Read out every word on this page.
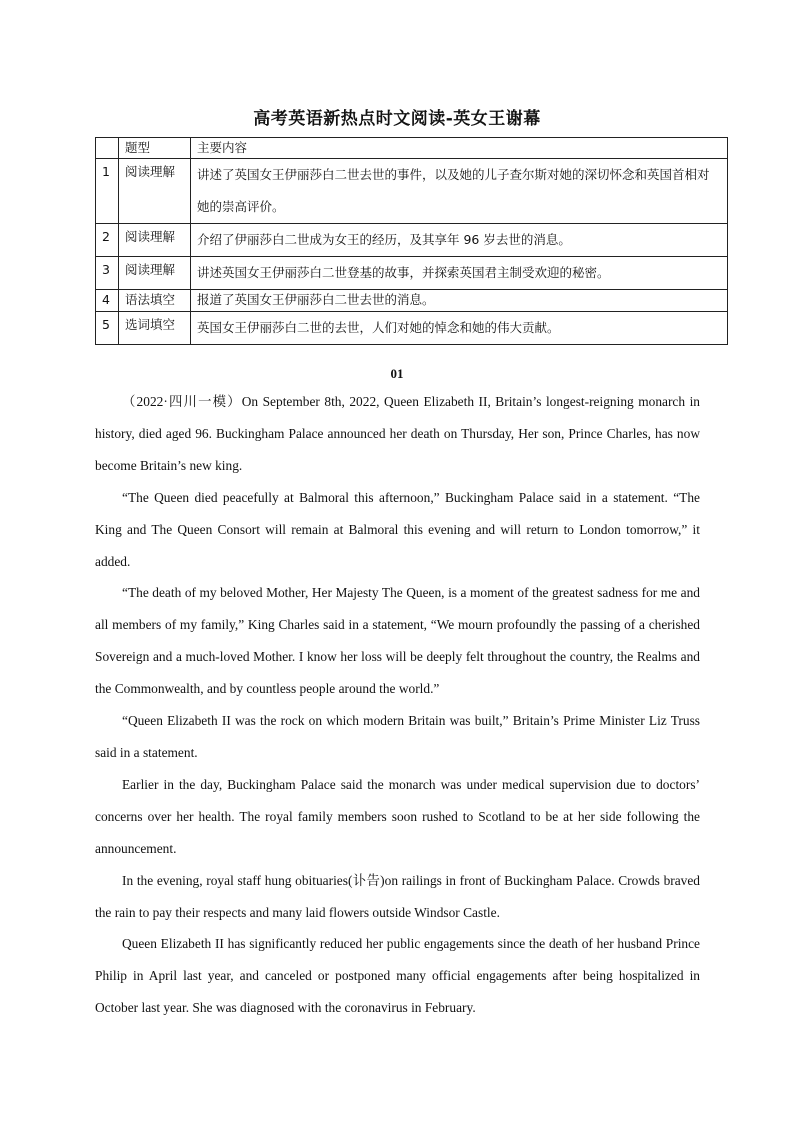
高考英语新热点时文阅读-英女王谢幕
	题型	主要内容
1	阅读理解	讲述了英国女王伊丽莎白二世去世的事件，以及她的儿子查尔斯对她的深切怀念和英国首相对她的崇高评价。
2	阅读理解	介绍了伊丽莎白二世成为女王的经历，及其享年 96 岁去世的消息。
3	阅读理解	讲述英国女王伊丽莎白二世登基的故事，并探索英国君主制受欢迎的秘密。
4	语法填空	报道了英国女王伊丽莎白二世去世的消息。
5	选词填空	英国女王伊丽莎白二世的去世，人们对她的悼念和她的伟大贡献。
01

（2022·四川一模）On September 8th, 2022, Queen Elizabeth II, Britain’s longest-reigning monarch in history, died aged 96. Buckingham Palace announced her death on Thursday, Her son, Prince Charles, has now become Britain’s new king.

“The Queen died peacefully at Balmoral this afternoon,” Buckingham Palace said in a statement. “The King and The Queen Consort will remain at Balmoral this evening and will return to London tomorrow,” it added.

“The death of my beloved Mother, Her Majesty The Queen, is a moment of the greatest sadness for me and all members of my family,” King Charles said in a statement, “We mourn profoundly the passing of a cherished Sovereign and a much-loved Mother. I know her loss will be deeply felt throughout the country, the Realms and the Commonwealth, and by countless people around the world.”

“Queen Elizabeth II was the rock on which modern Britain was built,” Britain’s Prime Minister Liz Truss said in a statement.

Earlier in the day, Buckingham Palace said the monarch was under medical supervision due to doctors’ concerns over her health. The royal family members soon rushed to Scotland to be at her side following the announcement.

In the evening, royal staff hung obituaries(讣告)on railings in front of Buckingham Palace. Crowds braved the rain to pay their respects and many laid flowers outside Windsor Castle.

Queen Elizabeth II has significantly reduced her public engagements since the death of her husband Prince Philip in April last year, and canceled or postponed many official engagements after being hospitalized in October last year. She was diagnosed with the coronavirus in February.
